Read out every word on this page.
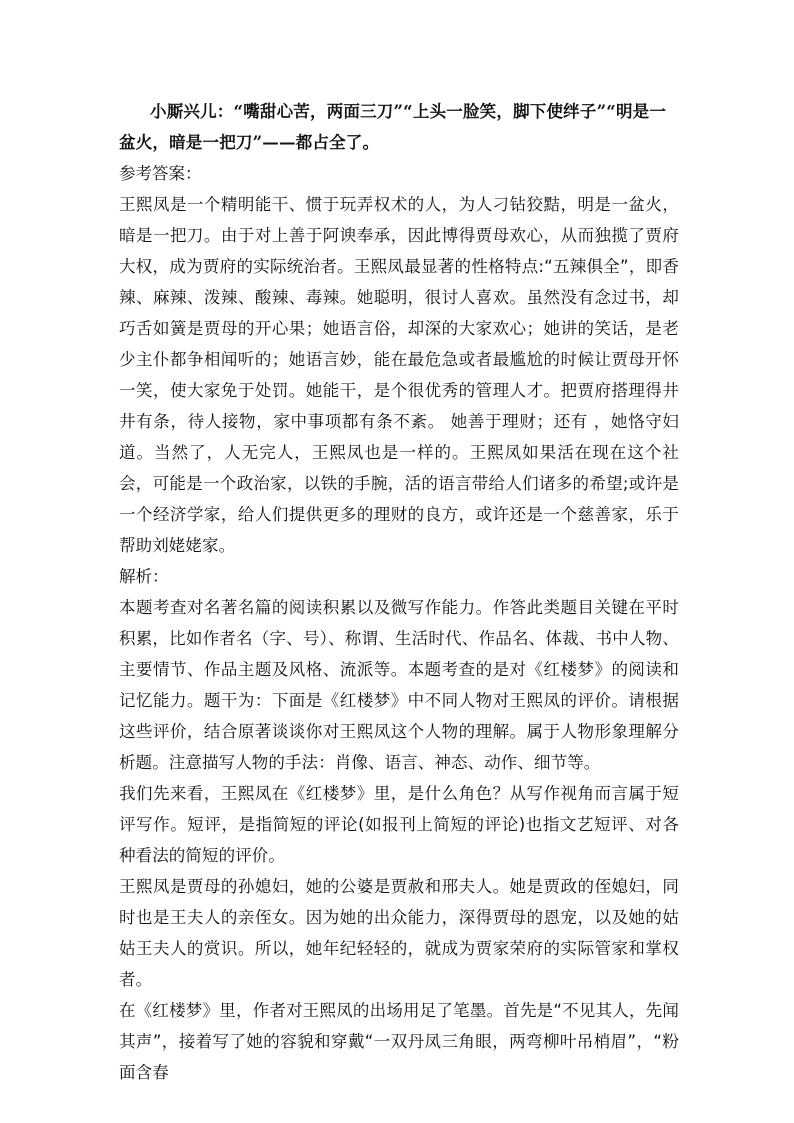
小厮兴儿：“嘴甜心苦，两面三刀”“上头一脸笑，脚下使绊子”“明是一盆火，暗是一把刀”——都占全了。

参考答案：

王熙凤是一个精明能干、惯于玩弄权术的人，为人刁钻狡黠，明是一盆火，暗是一把刀。由于对上善于阿谀奉承，因此博得贾母欢心，从而独揽了贾府大权，成为贾府的实际统治者。王熙凤最显著的性格特点:“五辣俱全”，即香辣、麻辣、泼辣、酸辣、毒辣。她聪明，很讨人喜欢。虽然没有念过书，却巧舌如簧是贾母的开心果；她语言俗，却深的大家欢心；她讲的笑话，是老少主仆都争相闻听的；她语言妙，能在最危急或者最尴尬的时候让贾母开怀一笑，使大家免于处罚。她能干，是个很优秀的管理人才。把贾府搭理得井井有条，待人接物，家中事项都有条不紊。 她善于理财；还有 ，她恪守妇道。当然了，人无完人，王熙凤也是一样的。王熙凤如果活在现在这个社会，可能是一个政治家，以铁的手腕，活的语言带给人们诸多的希望;或许是一个经济学家，给人们提供更多的理财的良方，或许还是一个慈善家，乐于帮助刘姥姥家。

解析：

本题考查对名著名篇的阅读积累以及微写作能力。作答此类题目关键在平时积累，比如作者名（字、号）、称谓、生活时代、作品名、体裁、书中人物、主要情节、作品主题及风格、流派等。本题考查的是对《红楼梦》的阅读和记忆能力。题干为：下面是《红楼梦》中不同人物对王熙凤的评价。请根据这些评价，结合原著谈谈你对王熙凤这个人物的理解。属于人物形象理解分析题。注意描写人物的手法：肖像、语言、神态、动作、细节等。

我们先来看，王熙凤在《红楼梦》里，是什么角色？从写作视角而言属于短评写作。短评，是指简短的评论(如报刊上简短的评论)也指文艺短评、对各种看法的简短的评价。

王熙凤是贾母的孙媳妇，她的公婆是贾赦和邢夫人。她是贾政的侄媳妇，同时也是王夫人的亲侄女。因为她的出众能力，深得贾母的恩宠，以及她的姑姑王夫人的赏识。所以，她年纪轻轻的，就成为贾家荣府的实际管家和掌权者。

在《红楼梦》里，作者对王熙凤的出场用足了笔墨。首先是“不见其人，先闻其声”，接着写了她的容貌和穿戴“一双丹凤三角眼，两弯柳叶吊梢眉”，“粉面含春
